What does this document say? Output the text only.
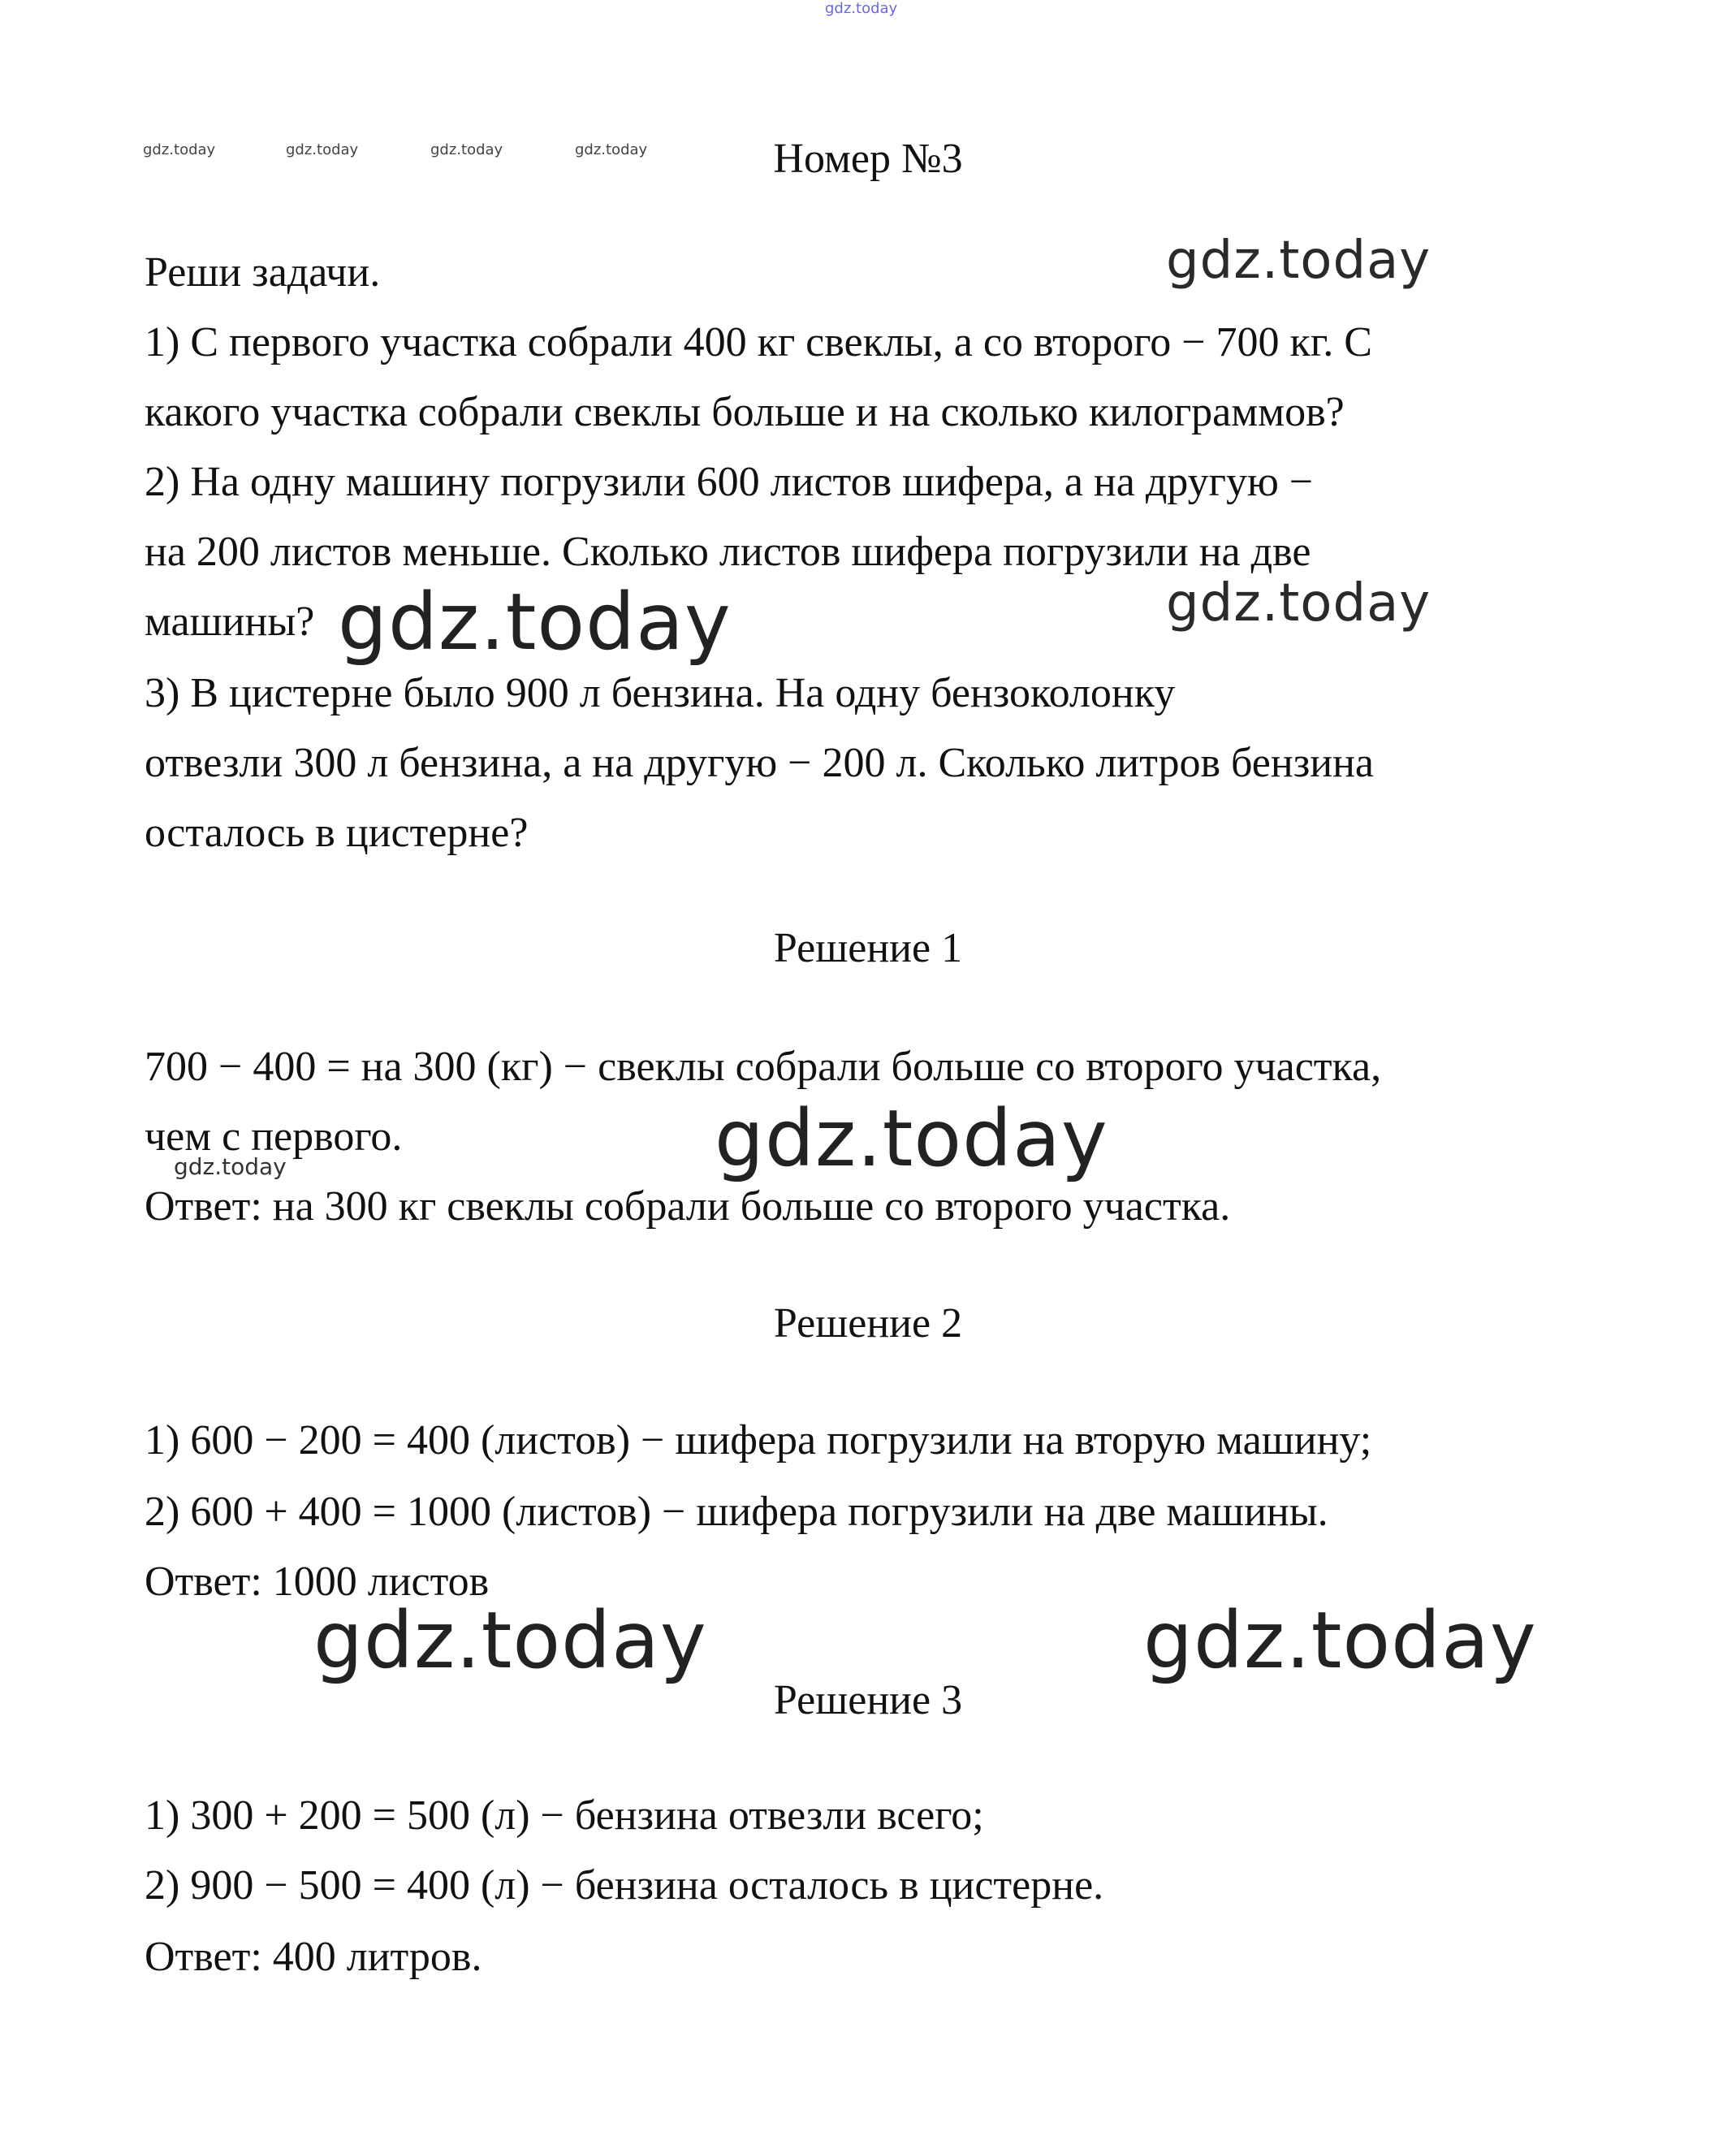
gdz.today
gdz.today	gdz.today	gdz.today	gdz.today
gdz.today
gdz.today	gdz.today
gdz.today
gdz.today
gdz.today	gdz.today
Номер №3
Реши задачи.
1) С первого участка собрали 400 кг свеклы, а со второго − 700 кг. С
какого участка собрали свеклы больше и на сколько килограммов?
2) На одну машину погрузили 600 листов шифера, а на другую −
на 200 листов меньше. Сколько листов шифера погрузили на две
машины?
3) В цистерне было 900 л бензина. На одну бензоколонку
отвезли 300 л бензина, а на другую − 200 л. Сколько литров бензина
осталось в цистерне?
Решение 1
700 − 400 = на 300 (кг) − свеклы собрали больше со второго участка,
чем с первого.
Ответ: на 300 кг свеклы собрали больше со второго участка.
Решение 2
1) 600 − 200 = 400 (листов) − шифера погрузили на вторую машину;
2) 600 + 400 = 1000 (листов) − шифера погрузили на две машины.
Ответ: 1000 листов
Решение 3
1) 300 + 200 = 500 (л) − бензина отвезли всего;
2) 900 − 500 = 400 (л) − бензина осталось в цистерне.
Ответ: 400 литров.
